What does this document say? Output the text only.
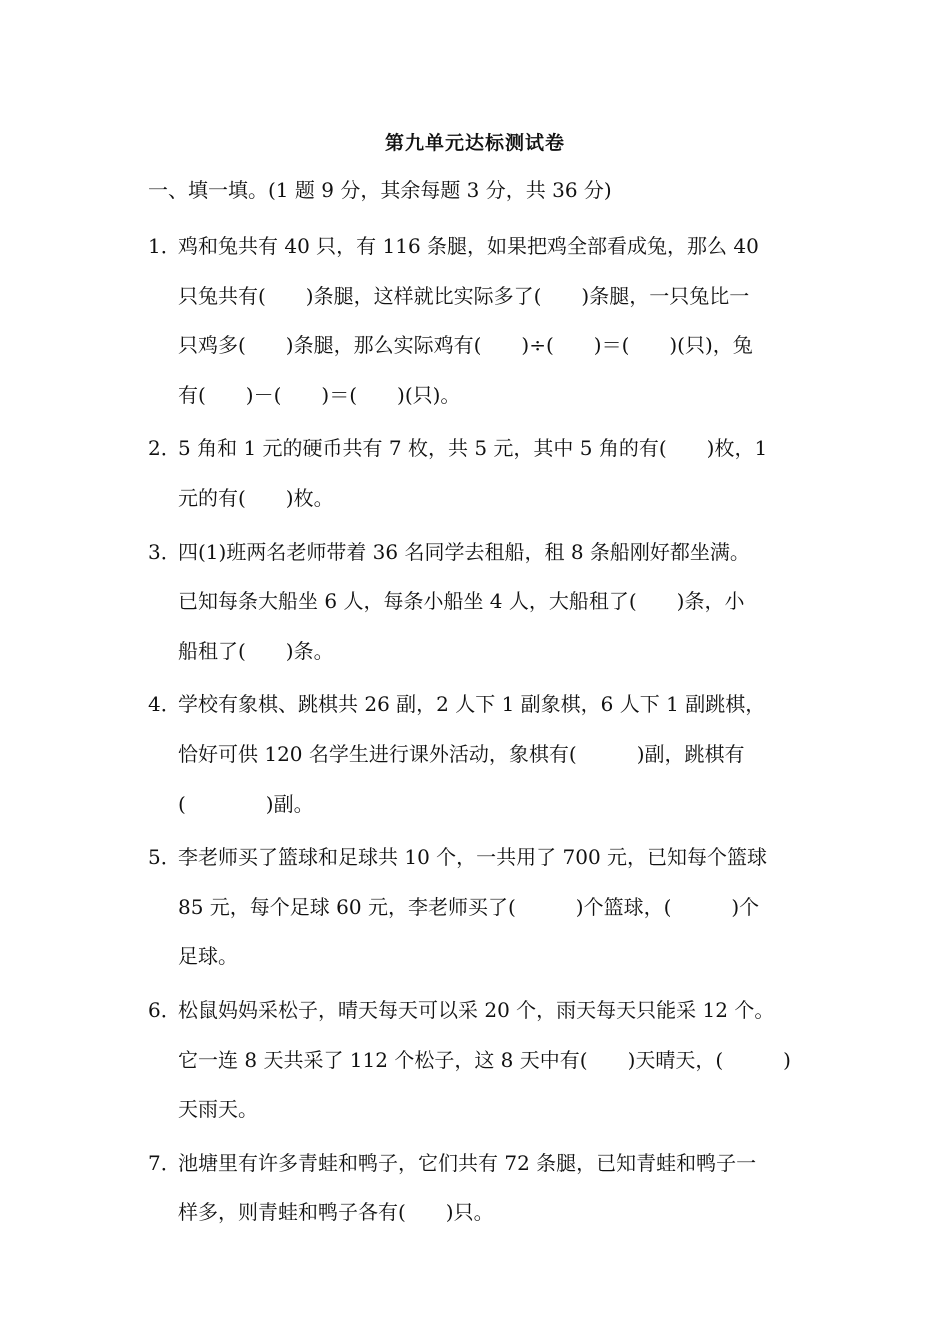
第九单元达标测试卷
一、填一填。(1 题 9 分，其余每题 3 分，共 36 分)
1．
鸡和兔共有 40 只，有 116 条腿，如果把鸡全部看成兔，那么 40
只兔共有(　　)条腿，这样就比实际多了(　　)条腿，一只兔比一
只鸡多(　　)条腿，那么实际鸡有(　　)÷(　　)＝(　　)(只)，兔
有(　　)－(　　)＝(　　)(只)。
2．
5 角和 1 元的硬币共有 7 枚，共 5 元，其中 5 角的有(　　)枚，1
元的有(　　)枚。
3．
四(1)班两名老师带着 36 名同学去租船，租 8 条船刚好都坐满。
已知每条大船坐 6 人，每条小船坐 4 人，大船租了(　　)条，小
船租了(　　)条。
4．
学校有象棋、跳棋共 26 副，2 人下 1 副象棋，6 人下 1 副跳棋，
恰好可供 120 名学生进行课外活动，象棋有(　　　)副，跳棋有
(　　　　)副。
5．
李老师买了篮球和足球共 10 个，一共用了 700 元，已知每个篮球
85 元，每个足球 60 元，李老师买了(　　　)个篮球，(　　　)个
足球。
6．
松鼠妈妈采松子，晴天每天可以采 20 个，雨天每天只能采 12 个。
它一连 8 天共采了 112 个松子，这 8 天中有(　　)天晴天，(　　　)
天雨天。
7．
池塘里有许多青蛙和鸭子，它们共有 72 条腿，已知青蛙和鸭子一
样多，则青蛙和鸭子各有(　　)只。
